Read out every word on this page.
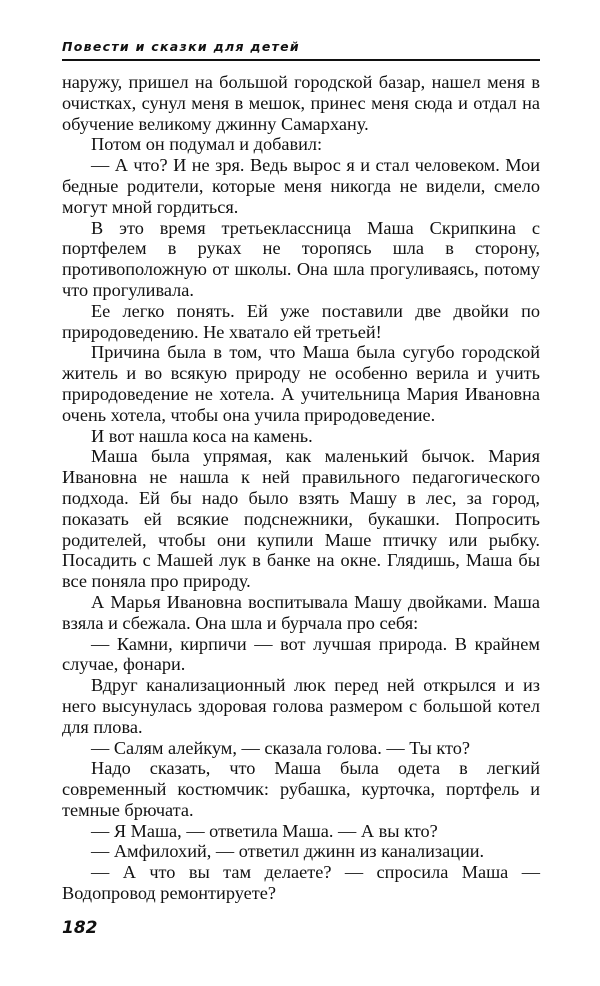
Повести и сказки для детей

наружу, пришел на большой городской базар, нашел меня в очистках, сунул меня в мешок, принес меня сюда и отдал на обучение великому джинну Самархану.

Потом он подумал и добавил:

— А что? И не зря. Ведь вырос я и стал человеком. Мои бедные родители, которые меня никогда не видели, смело могут мной гордиться.

В это время третьеклассница Маша Скрипкина с портфелем в руках не торопясь шла в сторону, противоположную от школы. Она шла прогуливаясь, потому что прогуливала.

Ее легко понять. Ей уже поставили две двойки по природоведению. Не хватало ей третьей!

Причина была в том, что Маша была сугубо городской житель и во всякую природу не особенно верила и учить природоведение не хотела. А учительница Мария Ивановна очень хотела, чтобы она учила природоведение.

И вот нашла коса на камень.

Маша была упрямая, как маленький бычок. Мария Ивановна не нашла к ней правильного педагогического подхода. Ей бы надо было взять Машу в лес, за город, показать ей всякие подснежники, букашки. Попросить родителей, чтобы они купили Маше птичку или рыбку. Посадить с Машей лук в банке на окне. Глядишь, Маша бы все поняла про природу.

А Марья Ивановна воспитывала Машу двойками. Маша взяла и сбежала. Она шла и бурчала про себя:

— Камни, кирпичи — вот лучшая природа. В крайнем случае, фонари.

Вдруг канализационный люк перед ней открылся и из него высунулась здоровая голова размером с большой котел для плова.

— Салям алейкум, — сказала голова. — Ты кто?

Надо сказать, что Маша была одета в легкий современный костюмчик: рубашка, курточка, портфель и темные брючата.

— Я Маша, — ответила Маша. — А вы кто?

— Амфилохий, — ответил джинн из канализации.

— А что вы там делаете? — спросила Маша — Водопровод ремонтируете?

182
